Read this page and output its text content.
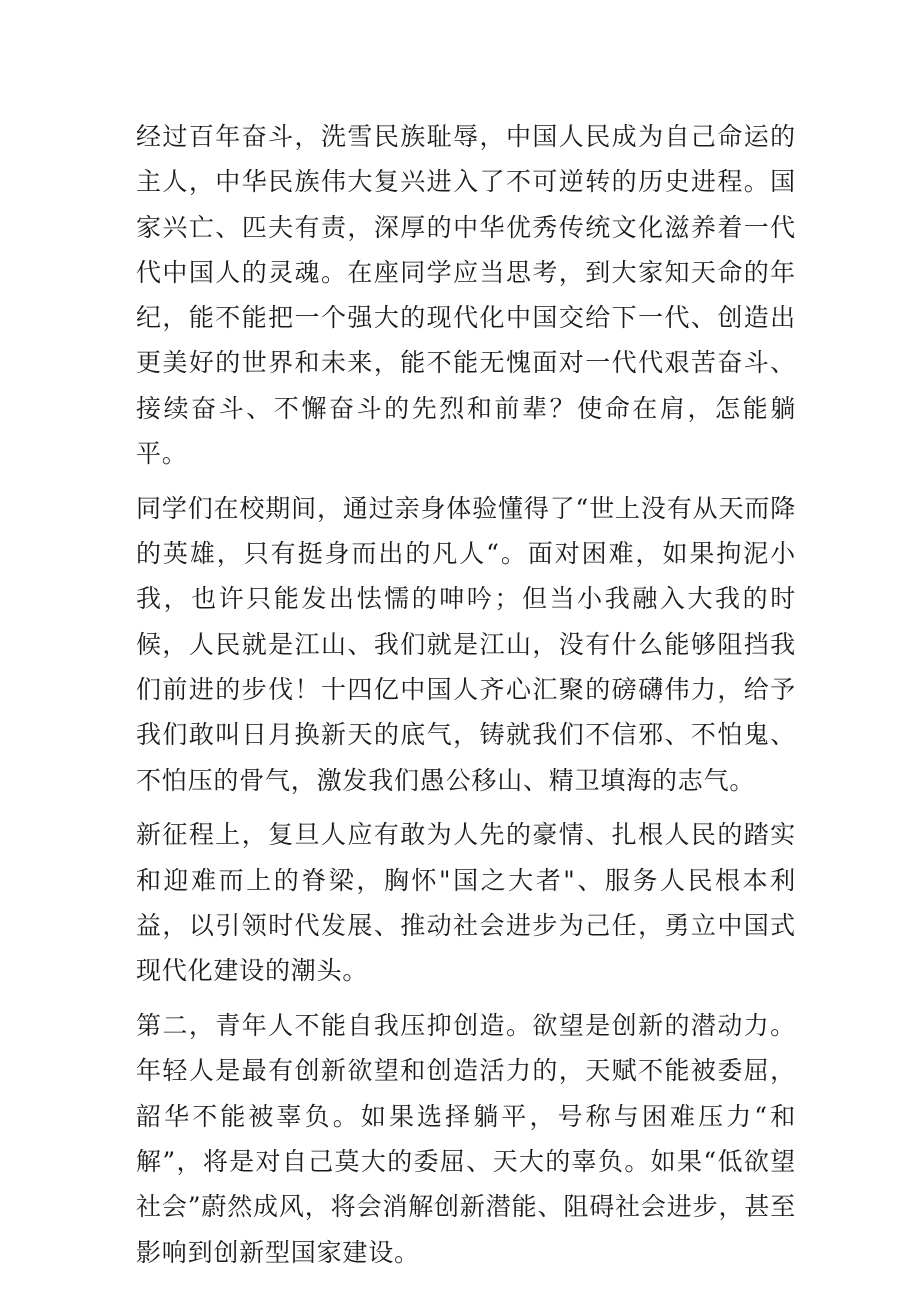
经过百年奋斗，洗雪民族耻辱，中国人民成为自己命运的主人，中华民族伟大复兴进入了不可逆转的历史进程。国家兴亡、匹夫有责，深厚的中华优秀传统文化滋养着一代代中国人的灵魂。在座同学应当思考，到大家知天命的年纪，能不能把一个强大的现代化中国交给下一代、创造出更美好的世界和未来，能不能无愧面对一代代艰苦奋斗、接续奋斗、不懈奋斗的先烈和前辈？使命在肩，怎能躺平。

同学们在校期间，通过亲身体验懂得了“世上没有从天而降的英雄，只有挺身而出的凡人“。面对困难，如果拘泥小我，也许只能发出怯懦的呻吟；但当小我融入大我的时候，人民就是江山、我们就是江山，没有什么能够阻挡我们前进的步伐！十四亿中国人齐心汇聚的磅礴伟力，给予我们敢叫日月换新天的底气，铸就我们不信邪、不怕鬼、不怕压的骨气，激发我们愚公移山、精卫填海的志气。

新征程上，复旦人应有敢为人先的豪情、扎根人民的踏实和迎难而上的脊梁，胸怀"国之大者"、服务人民根本利益，以引领时代发展、推动社会进步为己任，勇立中国式现代化建设的潮头。

第二，青年人不能自我压抑创造。欲望是创新的潜动力。年轻人是最有创新欲望和创造活力的，天赋不能被委屈，韶华不能被辜负。如果选择躺平，号称与困难压力“和解”，将是对自己莫大的委屈、天大的辜负。如果“低欲望社会”蔚然成风，将会消解创新潜能、阻碍社会进步，甚至影响到创新型国家建设。
